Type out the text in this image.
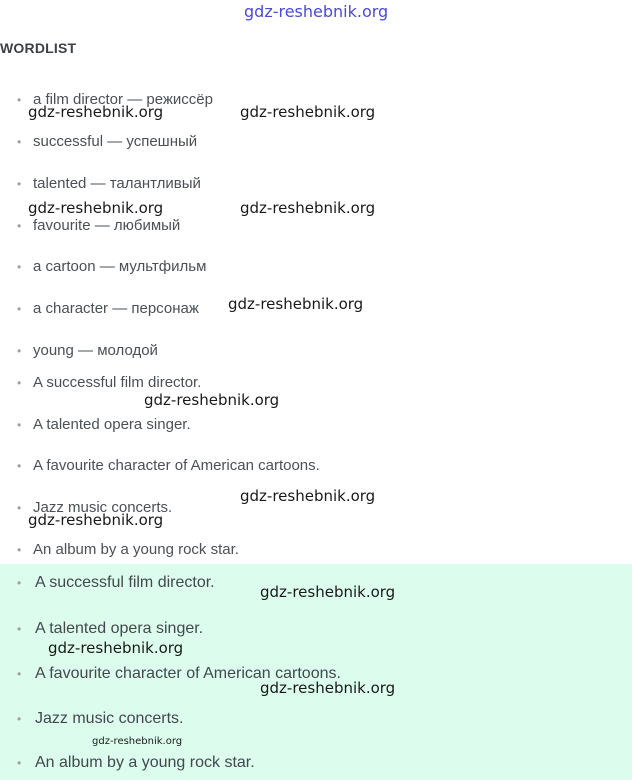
gdz-reshebnik.org
WORDLIST
• a film director — режиссёр
• successful — успешный
• talented — талантливый
• favourite — любимый
• a cartoon — мультфильм
• a character — персонаж
• young — молодой
• A successful film director.
• A talented opera singer.
• A favourite character of American cartoons.
• Jazz music concerts.
• An album by a young rock star.
• A successful film director.
• A talented opera singer.
• A favourite character of American cartoons.
• Jazz music concerts.
• An album by a young rock star.
gdz-reshebnik.org	gdz-reshebnik.org
gdz-reshebnik.org	gdz-reshebnik.org
gdz-reshebnik.org
gdz-reshebnik.org
gdz-reshebnik.org
gdz-reshebnik.org
gdz-reshebnik.org
gdz-reshebnik.org
gdz-reshebnik.org
gdz-reshebnik.org
